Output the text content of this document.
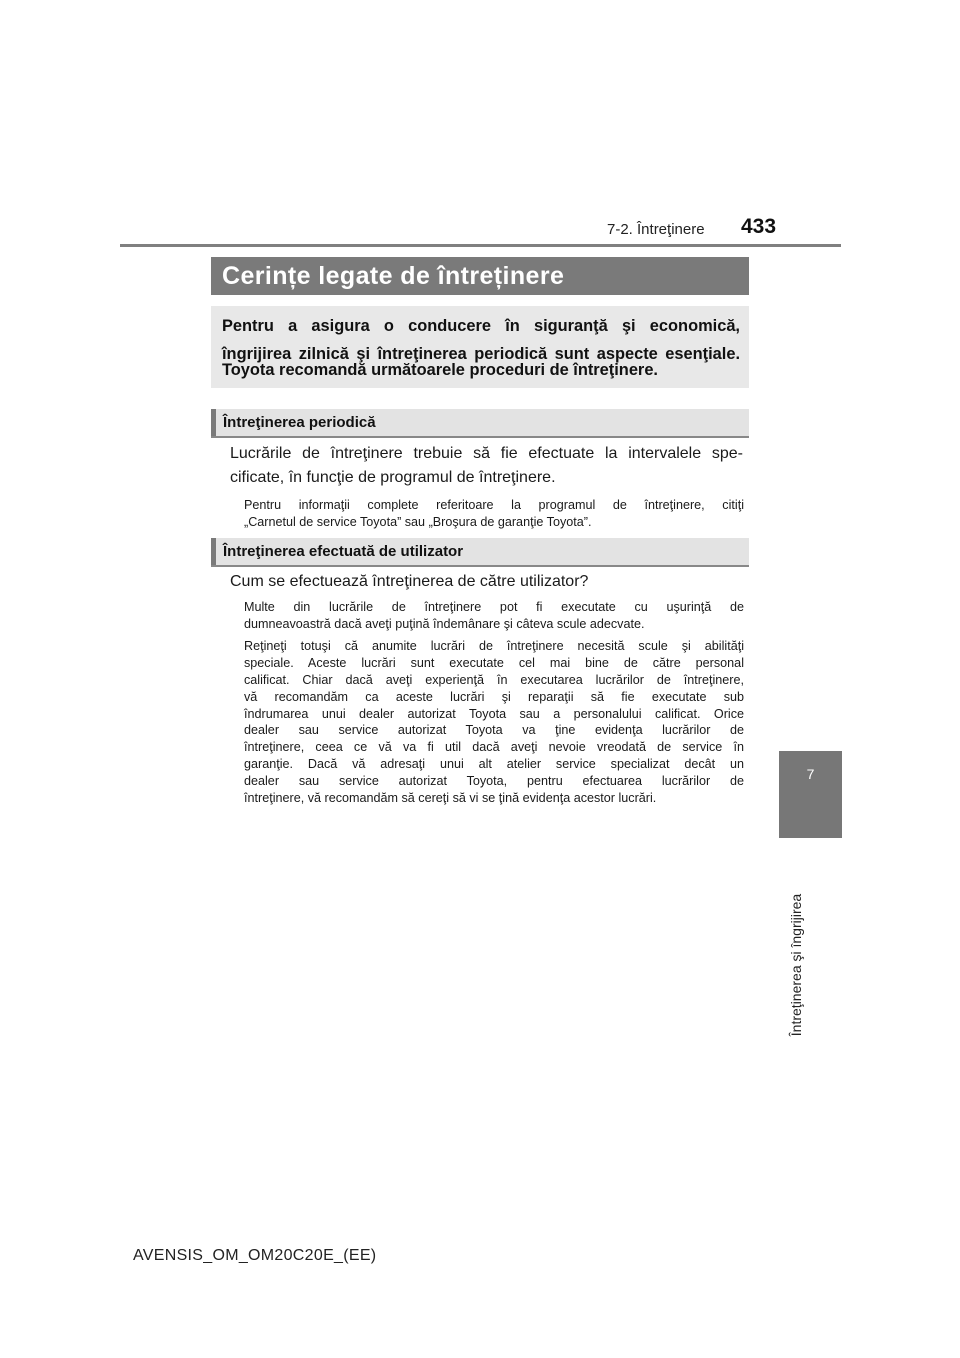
7-2. Întreţinere 433
7
Întreţinerea şi îngrijirea
Cerințe legate de întreținere
Pentru a asigura o conducere în siguranţă şi economică,
îngrijirea zilnică şi întreţinerea periodică sunt aspecte esenţiale.
Toyota recomandă următoarele proceduri de întreţinere.
Întreţinerea periodică
Lucrările de întreţinere trebuie să fie efectuate la intervalele spe-
cificate, în funcţie de programul de întreţinere.
Pentru informaţii complete referitoare la programul de întreţinere, citiţi
„Carnetul de service Toyota” sau „Broşura de garanţie Toyota”.
Întreţinerea efectuată de utilizator
Cum se efectuează întreţinerea de către utilizator?
Multe din lucrările de întreţinere pot fi executate cu uşurinţă de
dumneavoastră dacă aveţi puţină îndemânare şi câteva scule adecvate.
Reţineţi totuşi că anumite lucrări de întreţinere necesită scule şi abilităţi
speciale. Aceste lucrări sunt executate cel mai bine de către personal
calificat. Chiar dacă aveţi experienţă în executarea lucrărilor de întreţinere,
vă recomandăm ca aceste lucrări şi reparaţii să fie executate sub
îndrumarea unui dealer autorizat Toyota sau a personalului calificat. Orice
dealer sau service autorizat Toyota va ţine evidenţa lucrărilor de
întreţinere, ceea ce vă va fi util dacă aveţi nevoie vreodată de service în
garanţie. Dacă vă adresaţi unui alt atelier service specializat decât un
dealer sau service autorizat Toyota, pentru efectuarea lucrărilor de
întreţinere, vă recomandăm să cereţi să vi se ţină evidenţa acestor lucrări.
AVENSIS_OM_OM20C20E_(EE)
